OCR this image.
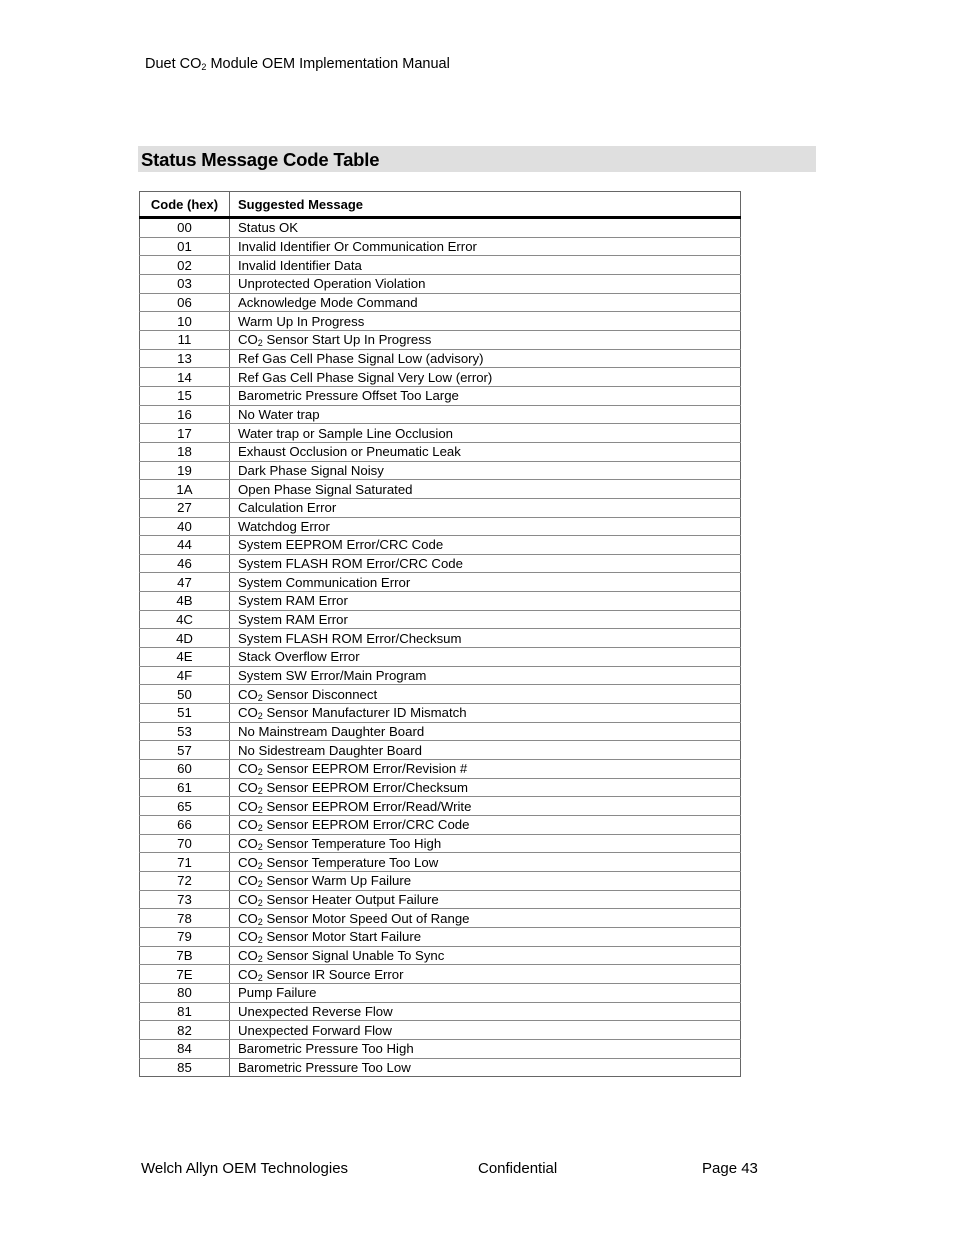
Duet $CO_2$ Module OEM Implementation Manual
Status Message Code Table
Code (hex)	Suggested Message
00	Status OK
01	Invalid Identifier Or Communication Error
02	Invalid Identifier Data
03	Unprotected Operation Violation
06	Acknowledge Mode Command
10	Warm Up In Progress
11	$CO_2$ Sensor Start Up In Progress
13	Ref Gas Cell Phase Signal Low (advisory)
14	Ref Gas Cell Phase Signal Very Low (error)
15	Barometric Pressure Offset Too Large
16	No Water trap
17	Water trap or Sample Line Occlusion
18	Exhaust Occlusion or Pneumatic Leak
19	Dark Phase Signal Noisy
1A	Open Phase Signal Saturated
27	Calculation Error
40	Watchdog Error
44	System EEPROM Error/CRC Code
46	System FLASH ROM Error/CRC Code
47	System Communication Error
4B	System RAM Error
4C	System RAM Error
4D	System FLASH ROM Error/Checksum
4E	Stack Overflow Error
4F	System SW Error/Main Program
50	$CO_2$ Sensor Disconnect
51	$CO_2$ Sensor Manufacturer ID Mismatch
53	No Mainstream Daughter Board
57	No Sidestream Daughter Board
60	$CO_2$ Sensor EEPROM Error/Revision #
61	$CO_2$ Sensor EEPROM Error/Checksum
65	$CO_2$ Sensor EEPROM Error/Read/Write
66	$CO_2$ Sensor EEPROM Error/CRC Code
70	$CO_2$ Sensor Temperature Too High
71	$CO_2$ Sensor Temperature Too Low
72	$CO_2$ Sensor Warm Up Failure
73	$CO_2$ Sensor Heater Output Failure
78	$CO_2$ Sensor Motor Speed Out of Range
79	$CO_2$ Sensor Motor Start Failure
7B	$CO_2$ Sensor Signal Unable To Sync
7E	$CO_2$ Sensor IR Source Error
80	Pump Failure
81	Unexpected Reverse Flow
82	Unexpected Forward Flow
84	Barometric Pressure Too High
85	Barometric Pressure Too Low
Welch Allyn OEM Technologies	Confidential	Page 43
